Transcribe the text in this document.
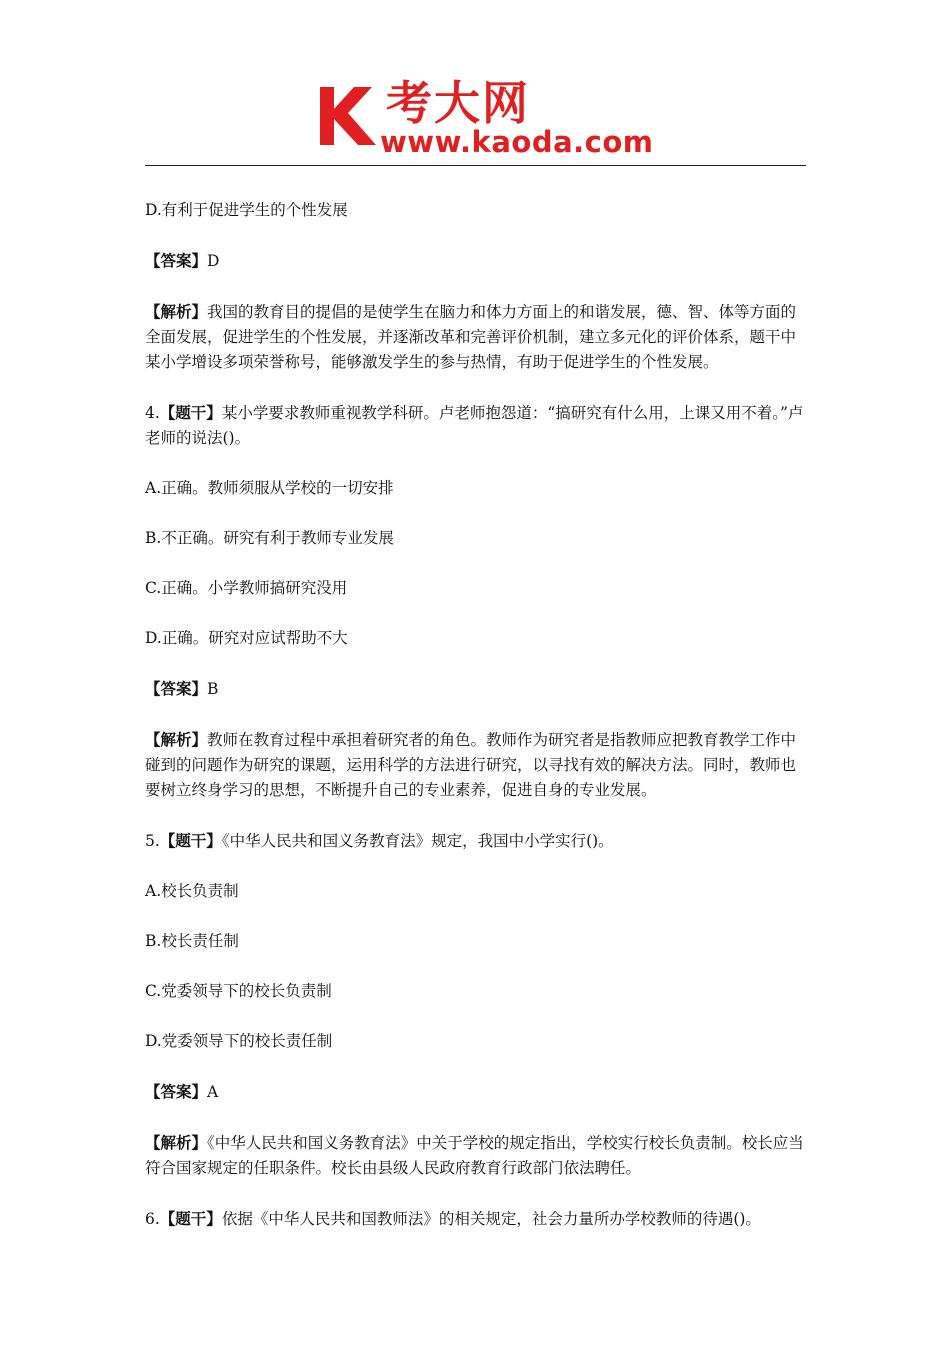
考大网
www.kaoda.com

D.有利于促进学生的个性发展

【答案】D

【解析】我国的教育目的提倡的是使学生在脑力和体力方面上的和谐发展，德、智、体等方面的全面发展，促进学生的个性发展，并逐渐改革和完善评价机制，建立多元化的评价体系，题干中某小学增设多项荣誉称号，能够激发学生的参与热情，有助于促进学生的个性发展。

4.【题干】某小学要求教师重视教学科研。卢老师抱怨道：“搞研究有什么用，上课又用不着。”卢老师的说法()。

A.正确。教师须服从学校的一切安排

B.不正确。研究有利于教师专业发展

C.正确。小学教师搞研究没用

D.正确。研究对应试帮助不大

【答案】B

【解析】教师在教育过程中承担着研究者的角色。教师作为研究者是指教师应把教育教学工作中碰到的问题作为研究的课题，运用科学的方法进行研究，以寻找有效的解决方法。同时，教师也要树立终身学习的思想，不断提升自己的专业素养，促进自身的专业发展。

5.【题干】《中华人民共和国义务教育法》规定，我国中小学实行()。

A.校长负责制

B.校长责任制

C.党委领导下的校长负责制

D.党委领导下的校长责任制

【答案】A

【解析】《中华人民共和国义务教育法》中关于学校的规定指出，学校实行校长负责制。校长应当符合国家规定的任职条件。校长由县级人民政府教育行政部门依法聘任。

6.【题干】依据《中华人民共和国教师法》的相关规定，社会力量所办学校教师的待遇()。
